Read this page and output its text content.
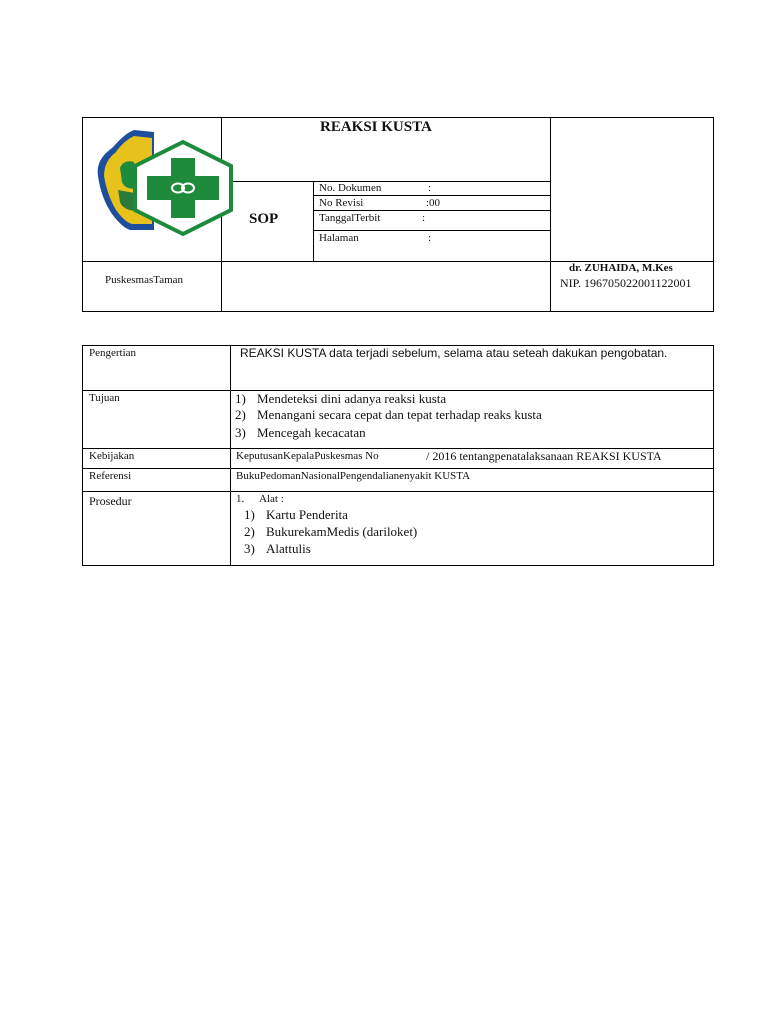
REAKSI KUSTA
SOP
No. Dokumen	:
No Revisi	:00
TanggalTerbit	:
Halaman	:
PuskesmasTaman
dr. ZUHAIDA, M.Kes
NIP. 196705022001122001
Pengertian	REAKSI KUSTA data terjadi sebelum, selama atau seteah dakukan pengobatan.
Tujuan	1) Mendeteksi dini adanya reaksi kusta
2) Menangani secara cepat dan tepat terhadap reaks kusta
3) Mencegah kecacatan
Kebijakan	KeputusanKepalaPuskesmas No	/ 2016 tentangpenatalaksanaan REAKSI KUSTA
Referensi	BukuPedomanNasionalPengendalianenyakit KUSTA
Prosedur	1. Alat :
1) Kartu Penderita
2) BukurekamMedis (dariloket)
3) Alattulis
